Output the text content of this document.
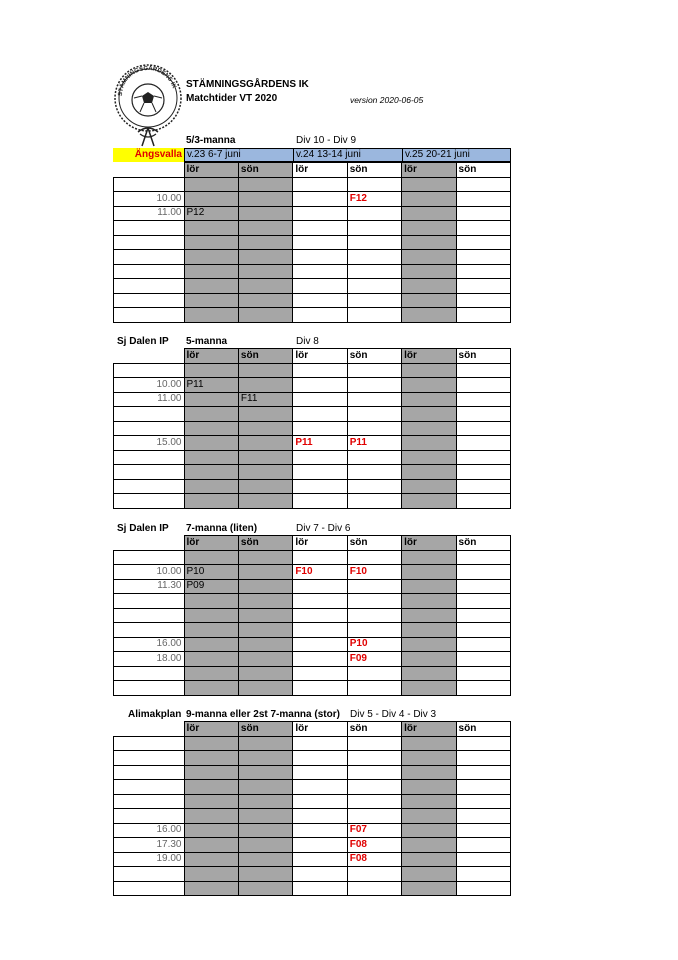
STÄMNINGSGÅRDENS IK STÄMNINGSGÅRDENS IK
Matchtider VT 2020	version 2020-06-05
5/3-manna	Div 10 - Div 9
Ängsvalla v.23 6-7 juni	v.24 13-14 juni	v.25 20-21 juni
Sj Dalen IP 5-manna	Div 8
Sj Dalen IP 7-manna (liten)	Div 7 - Div 6
Alimakplan 9-manna eller 2st 7-manna (stor) Div 5 - Div 4 - Div 3
	lör	sön	lör	sön	lör	sön

10.00				F12		
11.00	P12					

	lör	sön	lör	sön	lör	sön

10.00	P11					
11.00		F11				

15.00			P11	P11		

	lör	sön	lör	sön	lör	sön

10.00	P10		F10	F10		
11.30	P09					

16.00				P10		
18.00				F09		

	lör	sön	lör	sön	lör	sön

16.00				F07		
17.30				F08		
19.00				F08		
